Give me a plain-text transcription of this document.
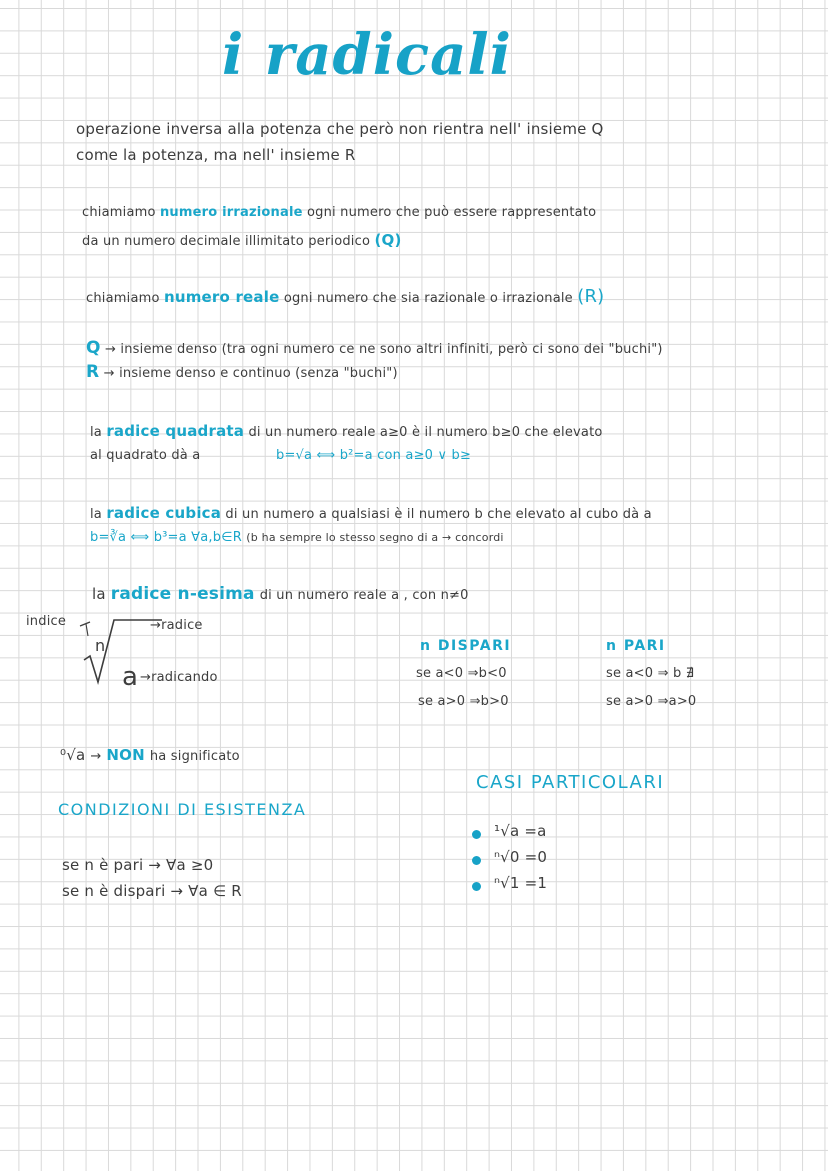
i radicali
operazione inversa alla potenza che però non rientra nell' insieme Q
come la potenza, ma nell' insieme R
chiamiamo numero irrazionale ogni numero che può essere rappresentato
da un numero decimale illimitato periodico (Q)
chiamiamo numero reale ogni numero che sia razionale o irrazionale (R)
Q → insieme denso (tra ogni numero ce ne sono altri infiniti, però ci sono dei "buchi")
R → insieme denso e continuo (senza "buchi")
la radice quadrata di un numero reale a≥0 è il numero b≥0 che elevato
al quadrato dà a	b=√a ⟺ b²=a con a≥0 ∨ b≥
la radice cubica di un numero a qualsiasi è il numero b che elevato al cubo dà a
b=∛a ⟺ b³=a ∀a,b∈R (b ha sempre lo stesso segno di a → concordi
la radice n-esima di un numero reale a , con n≠0
indice
n
→radice
a →radicando
n DISPARI
se a<0 ⇒b<0
se a>0 ⇒b>0
n PARI
se a<0 ⇒ b ∄
se a>0 ⇒a>0
⁰√a → NON ha significato
CASI PARTICOLARI
CONDIZIONI DI ESISTENZA
se n è pari → ∀a ≥0
se n è dispari → ∀a ∈ R
¹√a =a
ⁿ√0 =0
ⁿ√1 =1
